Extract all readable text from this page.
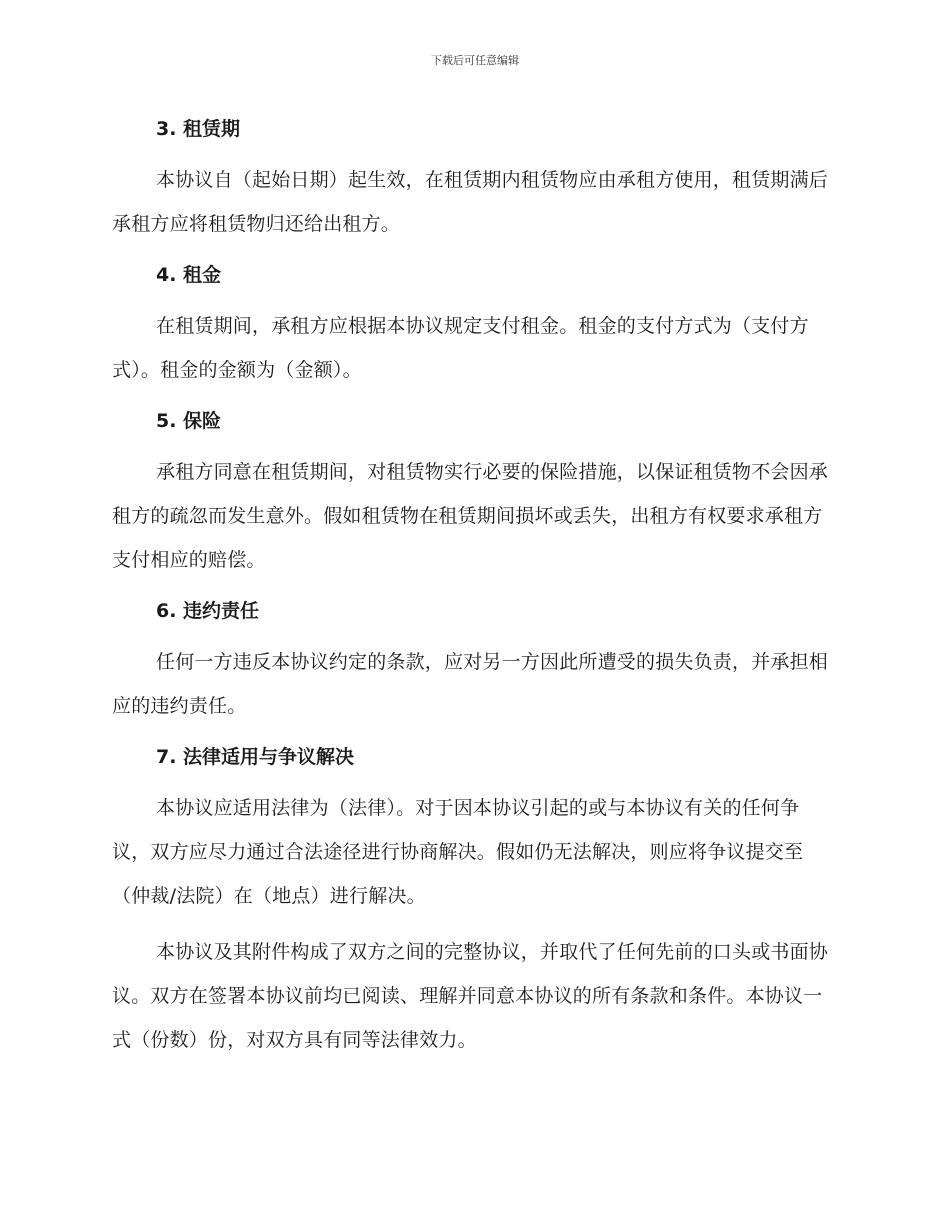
下载后可任意编辑
3. 租赁期

本协议自（起始日期）起生效，在租赁期内租赁物应由承租方使用，租赁期满后承租方应将租赁物归还给出租方。

4. 租金

在租赁期间，承租方应根据本协议规定支付租金。租金的支付方式为（支付方式）。租金的金额为（金额）。

5. 保险

承租方同意在租赁期间，对租赁物实行必要的保险措施，以保证租赁物不会因承租方的疏忽而发生意外。假如租赁物在租赁期间损坏或丢失，出租方有权要求承租方支付相应的赔偿。

6. 违约责任

任何一方违反本协议约定的条款，应对另一方因此所遭受的损失负责，并承担相应的违约责任。

7. 法律适用与争议解决

本协议应适用法律为（法律）。对于因本协议引起的或与本协议有关的任何争议，双方应尽力通过合法途径进行协商解决。假如仍无法解决，则应将争议提交至（仲裁/法院）在（地点）进行解决。

本协议及其附件构成了双方之间的完整协议，并取代了任何先前的口头或书面协议。双方在签署本协议前均已阅读、理解并同意本协议的所有条款和条件。本协议一式（份数）份，对双方具有同等法律效力。
